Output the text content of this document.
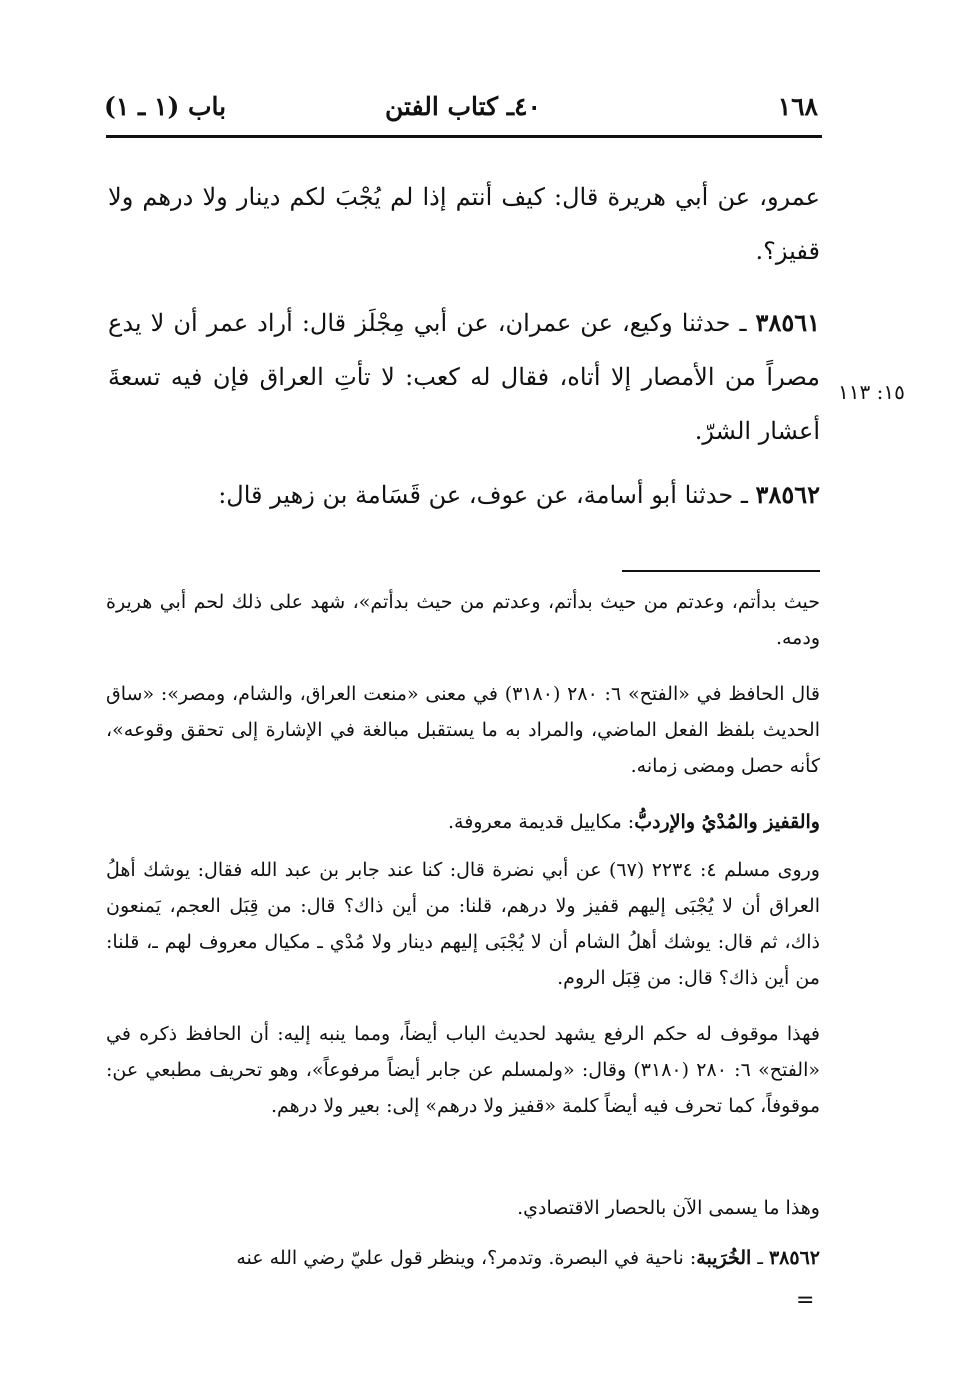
١٦٨
٤٠ـ كتاب الفتن
باب (١ ـ ١)
عمرو، عن أبي هريرة قال: كيف أنتم إذا لم يُجْبَ لكم دينار ولا درهم ولا قفيز؟.
٣٨٥٦١ ـ حدثنا وكيع، عن عمران، عن أبي مِجْلَز قال: أراد عمر أن لا يدع مصراً من الأمصار إلا أتاه، فقال له كعب: لا تأتِ العراق فإن فيه تسعةَ أعشار الشرّ.
١٥: ١١٣
٣٨٥٦٢ ـ حدثنا أبو أسامة، عن عوف، عن قَسَامة بن زهير قال:
حيث بدأتم، وعدتم من حيث بدأتم، وعدتم من حيث بدأتم»، شهد على ذلك لحم أبي هريرة ودمه.
قال الحافظ في «الفتح» ٦: ٢٨٠ (٣١٨٠) في معنى «منعت العراق، والشام، ومصر»: «ساق الحديث بلفظ الفعل الماضي، والمراد به ما يستقبل مبالغة في الإشارة إلى تحقق وقوعه»، كأنه حصل ومضى زمانه.
والقفيز والمُدْيُ والإردبُّ: مكاييل قديمة معروفة.
وروى مسلم ٤: ٢٢٣٤ (٦٧) عن أبي نضرة قال: كنا عند جابر بن عبد الله فقال: يوشك أهلُ العراق أن لا يُجْبَى إليهم قفيز ولا درهم، قلنا: من أين ذاك؟ قال: من قِبَل العجم، يَمنعون ذاك، ثم قال: يوشك أهلُ الشام أن لا يُجْبَى إليهم دينار ولا مُدْي ـ مكيال معروف لهم ـ، قلنا: من أين ذاك؟ قال: من قِبَل الروم.
فهذا موقوف له حكم الرفع يشهد لحديث الباب أيضاً، ومما ينبه إليه: أن الحافظ ذكره في «الفتح» ٦: ٢٨٠ (٣١٨٠) وقال: «ولمسلم عن جابر أيضاً مرفوعاً»، وهو تحريف مطبعي عن: موقوفاً، كما تحرف فيه أيضاً كلمة «قفيز ولا درهم» إلى: بعير ولا درهم.
وهذا ما يسمى الآن بالحصار الاقتصادي.
٣٨٥٦٢ ـ الخُرَيبة: ناحية في البصرة. وتدمر؟، وينظر قول عليّ رضي الله عنه
=
